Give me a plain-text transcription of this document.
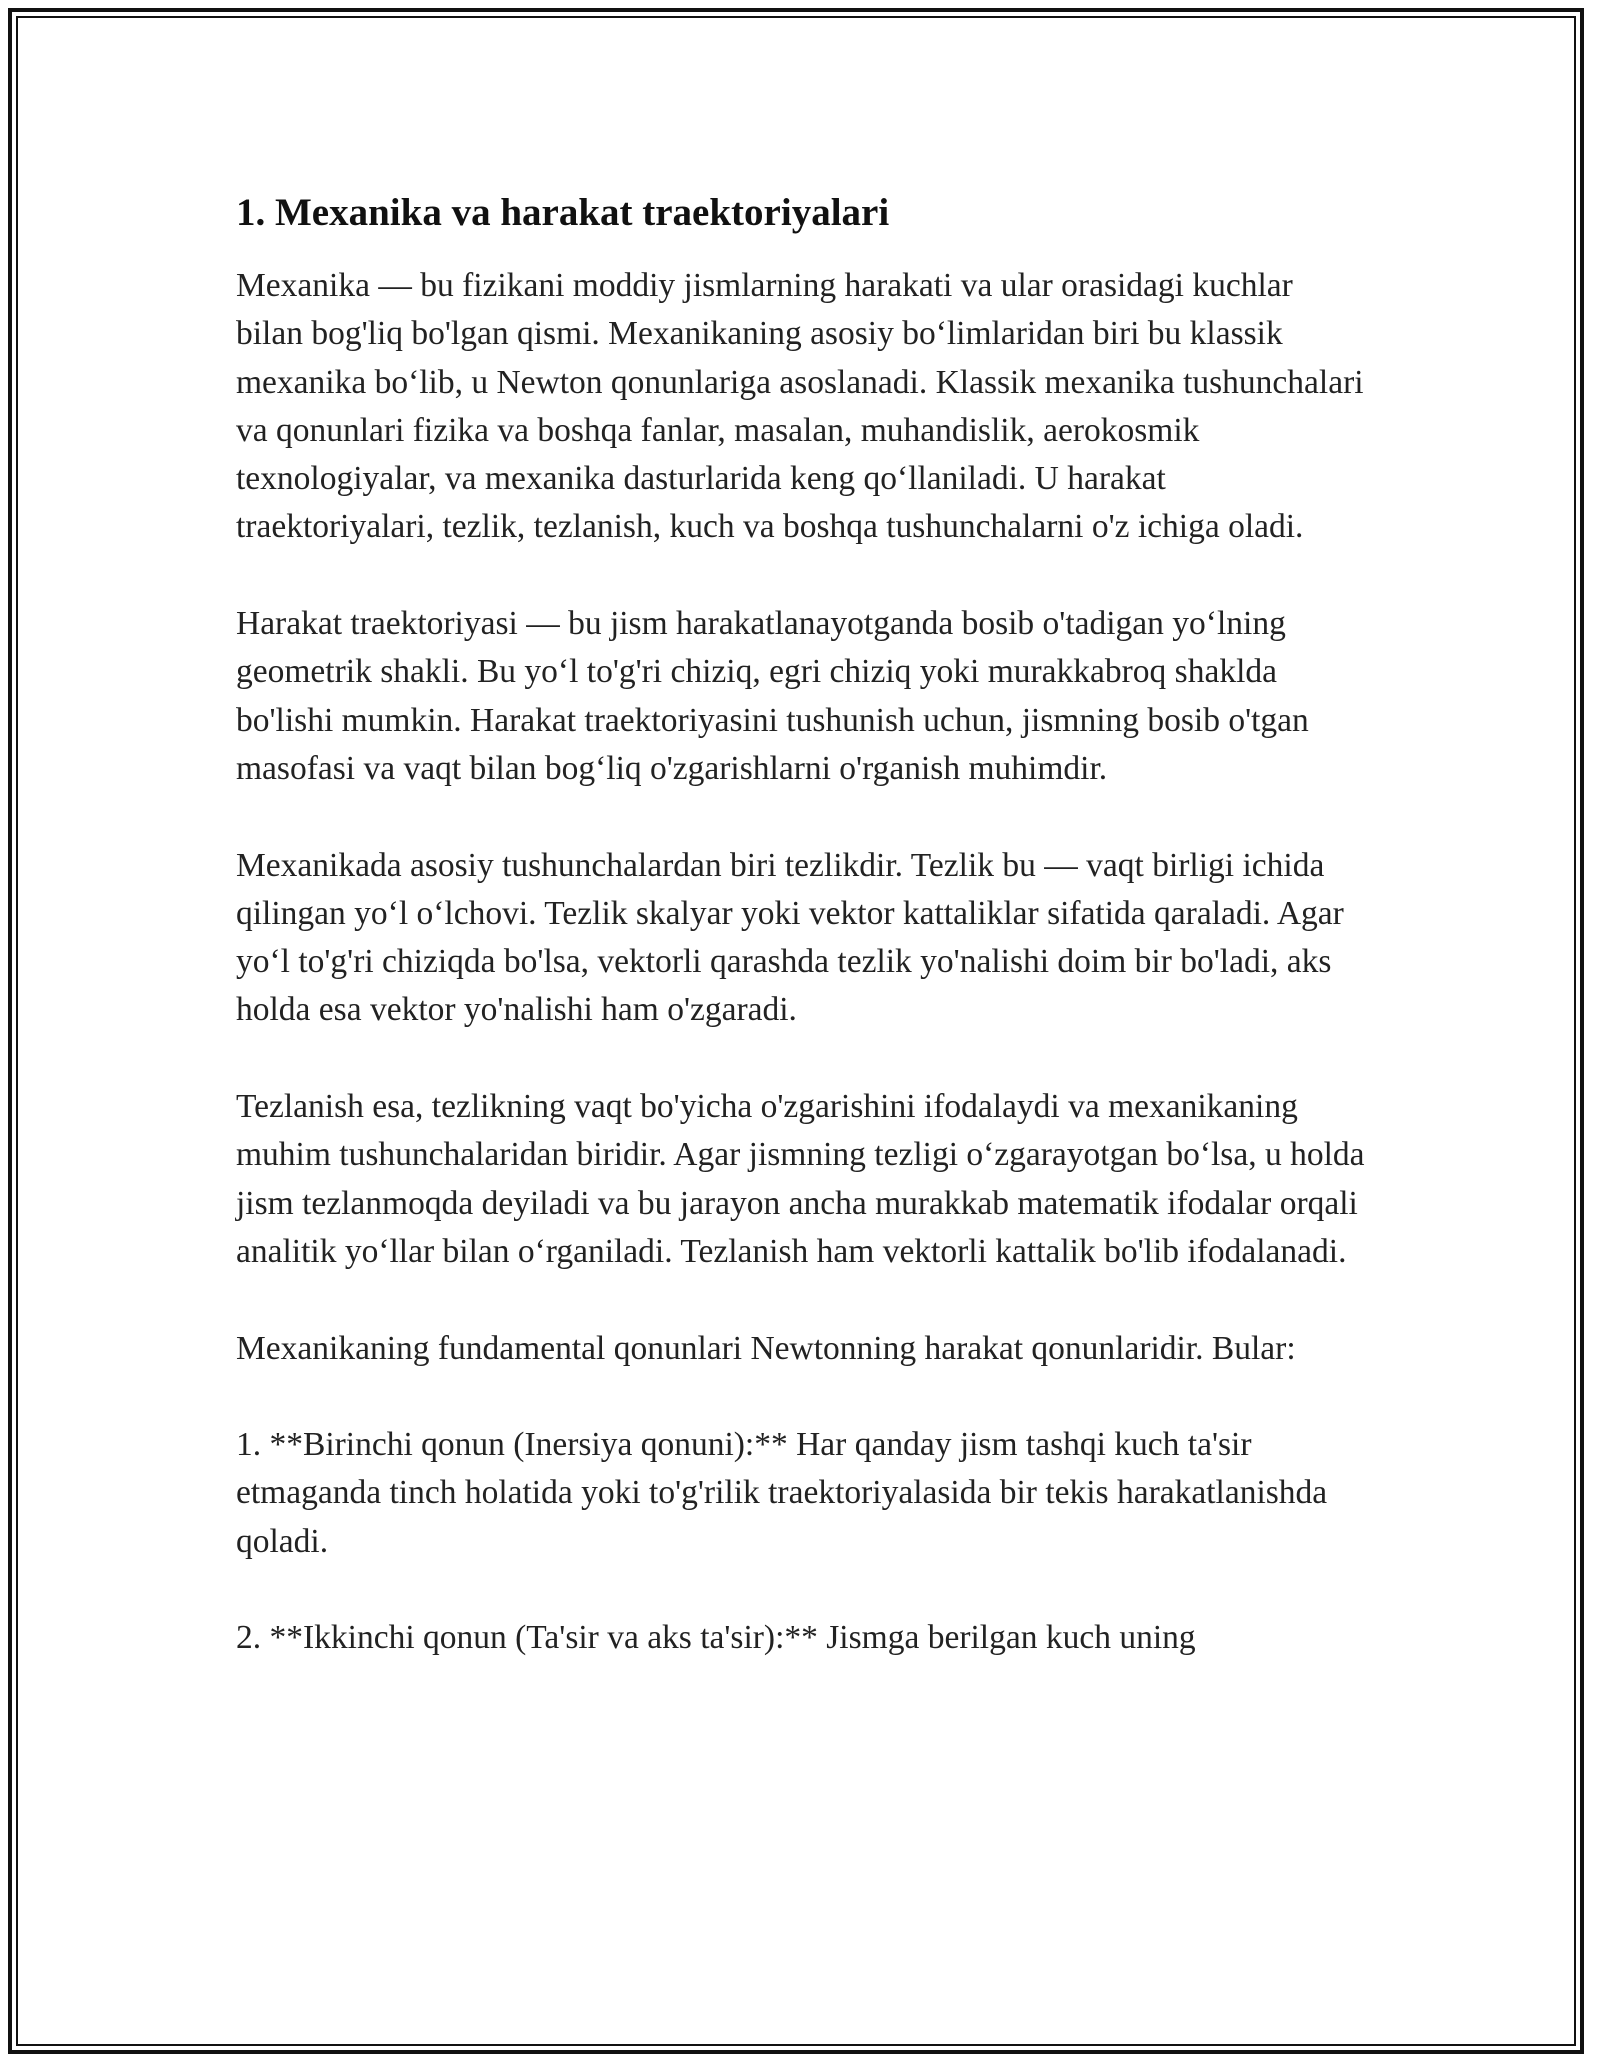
1. Mexanika va harakat traektoriyalari

Mexanika — bu fizikani moddiy jismlarning harakati va ular orasidagi kuchlar bilan bog'liq bo'lgan qismi. Mexanikaning asosiy bo‘limlaridan biri bu klassik mexanika bo‘lib, u Newton qonunlariga asoslanadi. Klassik mexanika tushunchalari va qonunlari fizika va boshqa fanlar, masalan, muhandislik, aerokosmik texnologiyalar, va mexanika dasturlarida keng qo‘llaniladi. U harakat traektoriyalari, tezlik, tezlanish, kuch va boshqa tushunchalarni o'z ichiga oladi.

Harakat traektoriyasi — bu jism harakatlanayotganda bosib o'tadigan yo‘lning geometrik shakli. Bu yo‘l to'g'ri chiziq, egri chiziq yoki murakkabroq shaklda bo'lishi mumkin. Harakat traektoriyasini tushunish uchun, jismning bosib o'tgan masofasi va vaqt bilan bog‘liq o'zgarishlarni o'rganish muhimdir.

Mexanikada asosiy tushunchalardan biri tezlikdir. Tezlik bu — vaqt birligi ichida qilingan yo‘l o‘lchovi. Tezlik skalyar yoki vektor kattaliklar sifatida qaraladi. Agar yo‘l to'g'ri chiziqda bo'lsa, vektorli qarashda tezlik yo'nalishi doim bir bo'ladi, aks holda esa vektor yo'nalishi ham o'zgaradi.

Tezlanish esa, tezlikning vaqt bo'yicha o'zgarishini ifodalaydi va mexanikaning muhim tushunchalaridan biridir. Agar jismning tezligi o‘zgarayotgan bo‘lsa, u holda jism tezlanmoqda deyiladi va bu jarayon ancha murakkab matematik ifodalar orqali analitik yo‘llar bilan o‘rganiladi. Tezlanish ham vektorli kattalik bo'lib ifodalanadi.

Mexanikaning fundamental qonunlari Newtonning harakat qonunlaridir. Bular:

1. **Birinchi qonun (Inersiya qonuni):** Har qanday jism tashqi kuch ta'sir etmaganda tinch holatida yoki to'g'rilik traektoriyalasida bir tekis harakatlanishda qoladi.

2. **Ikkinchi qonun (Ta'sir va aks ta'sir):** Jismga berilgan kuch uning
